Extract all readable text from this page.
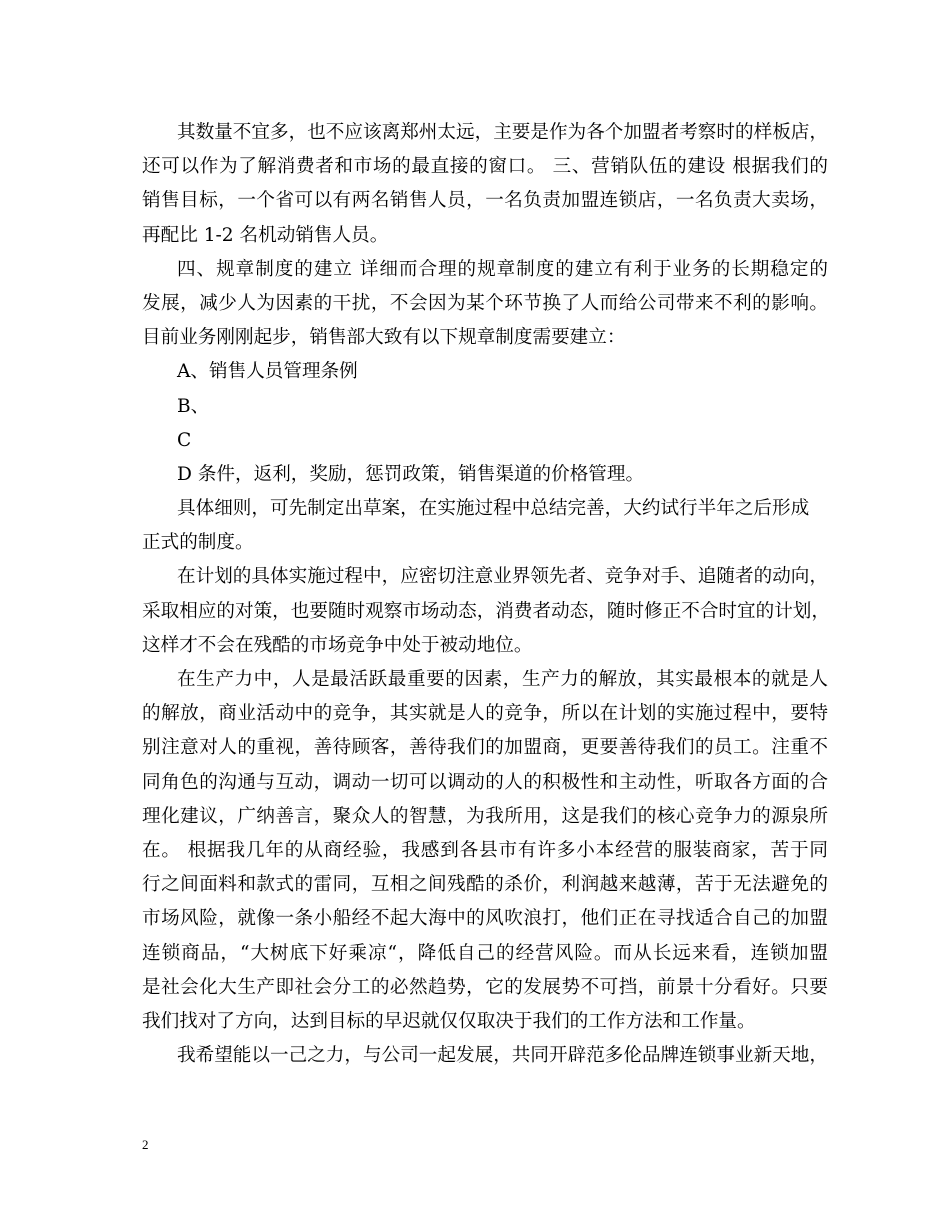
其数量不宜多，也不应该离郑州太远，主要是作为各个加盟者考察时的样板店，
还可以作为了解消费者和市场的最直接的窗口。 三、营销队伍的建设 根据我们的
销售目标，一个省可以有两名销售人员，一名负责加盟连锁店，一名负责大卖场，
再配比 1-2 名机动销售人员。
四、规章制度的建立 详细而合理的规章制度的建立有利于业务的长期稳定的
发展，减少人为因素的干扰，不会因为某个环节换了人而给公司带来不利的影响。
目前业务刚刚起步，销售部大致有以下规章制度需要建立：
A、销售人员管理条例
B、
C
D 条件，返利，奖励，惩罚政策，销售渠道的价格管理。
具体细则，可先制定出草案，在实施过程中总结完善，大约试行半年之后形成
正式的制度。
在计划的具体实施过程中，应密切注意业界领先者、竞争对手、追随者的动向，
采取相应的对策，也要随时观察市场动态，消费者动态，随时修正不合时宜的计划，
这样才不会在残酷的市场竞争中处于被动地位。
在生产力中，人是最活跃最重要的因素，生产力的解放，其实最根本的就是人
的解放，商业活动中的竞争，其实就是人的竞争，所以在计划的实施过程中，要特
别注意对人的重视，善待顾客，善待我们的加盟商，更要善待我们的员工。注重不
同角色的沟通与互动，调动一切可以调动的人的积极性和主动性，听取各方面的合
理化建议，广纳善言，聚众人的智慧，为我所用，这是我们的核心竞争力的源泉所
在。 根据我几年的从商经验，我感到各县市有许多小本经营的服装商家，苦于同
行之间面料和款式的雷同，互相之间残酷的杀价，利润越来越薄，苦于无法避免的
市场风险，就像一条小船经不起大海中的风吹浪打，他们正在寻找适合自己的加盟
连锁商品，“大树底下好乘凉“，降低自己的经营风险。而从长远来看，连锁加盟
是社会化大生产即社会分工的必然趋势，它的发展势不可挡，前景十分看好。只要
我们找对了方向，达到目标的早迟就仅仅取决于我们的工作方法和工作量。
我希望能以一己之力，与公司一起发展，共同开辟范多伦品牌连锁事业新天地，
2
